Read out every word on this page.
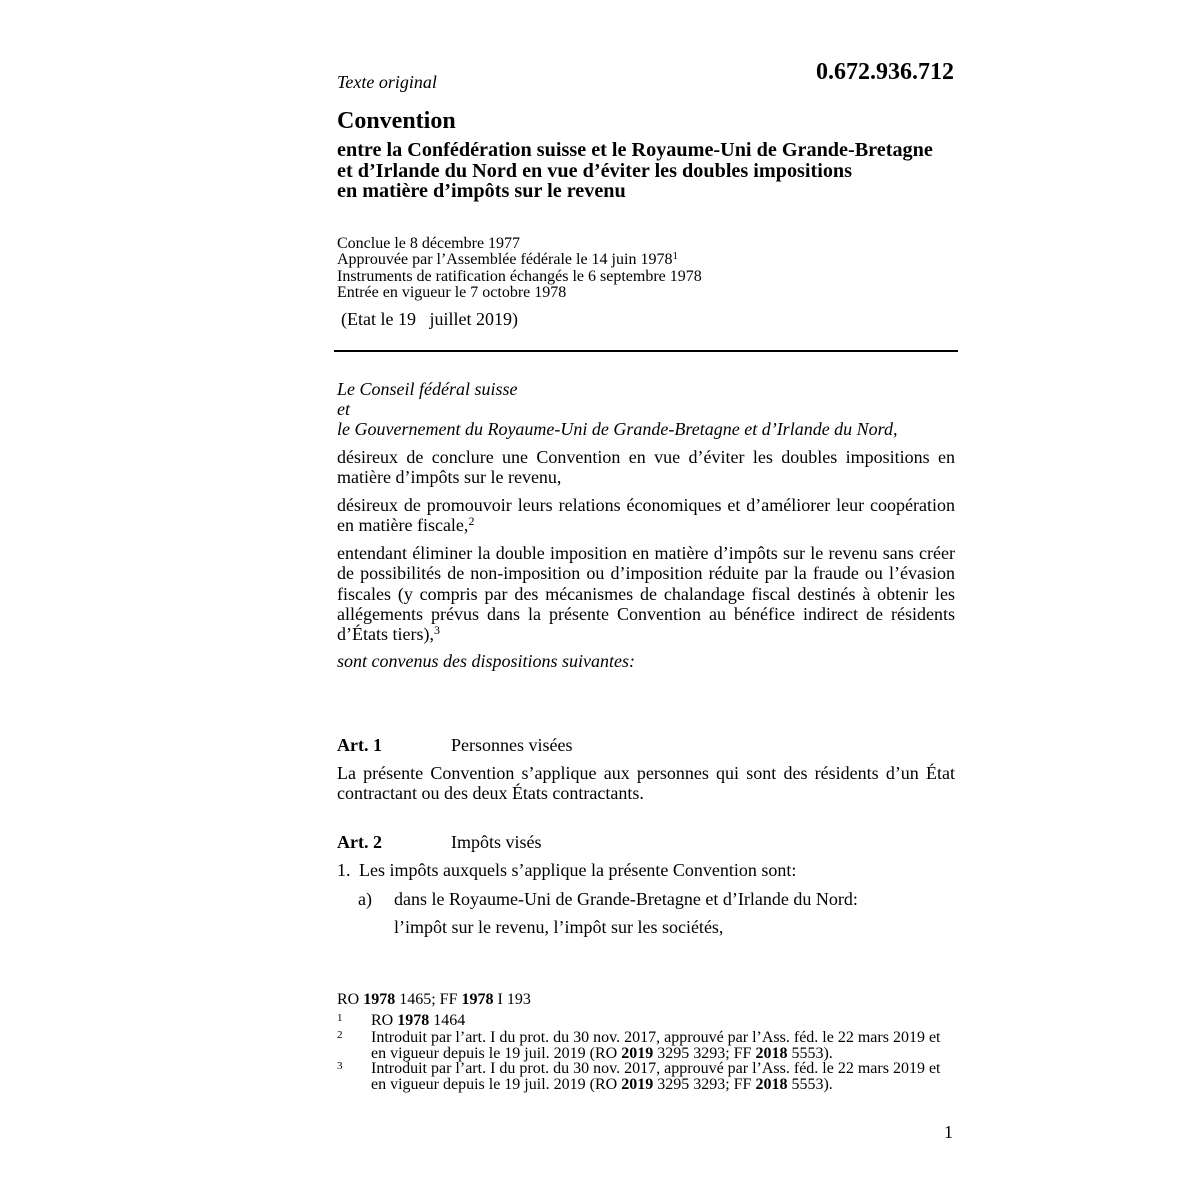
Texte original	0.672.936.712
Convention
entre la Confédération suisse et le Royaume-Uni de Grande-Bretagne
et d’Irlande du Nord en vue d’éviter les doubles impositions
en matière d’impôts sur le revenu
Conclue le 8 décembre 1977
Approuvée par l’Assemblée fédérale le 14 juin 1978$^1$
Instruments de ratification échangés le 6 septembre 1978
Entrée en vigueur le 7 octobre 1978
(Etat le 19   juillet 2019)
Le Conseil fédéral suisse
et
le Gouvernement du Royaume-Uni de Grande-Bretagne et d’Irlande du Nord,
désireux de conclure une Convention en vue d’éviter les doubles impositions en
matière d’impôts sur le revenu,
désireux de promouvoir leurs relations économiques et d’améliorer leur coopération
en matière fiscale,$^2$
entendant éliminer la double imposition en matière d’impôts sur le revenu sans créer
de possibilités de non-imposition ou d’imposition réduite par la fraude ou l’évasion
fiscales (y compris par des mécanismes de chalandage fiscal destinés à obtenir les
allégements prévus dans la présente Convention au bénéfice indirect de résidents
d’États tiers),$^3$
sont convenus des dispositions suivantes:
Art. 1	Personnes visées
La présente Convention s’applique aux personnes qui sont des résidents d’un État
contractant ou des deux États contractants.
Art. 2	Impôts visés
1. Les impôts auxquels s’applique la présente Convention sont:
a) dans le Royaume-Uni de Grande-Bretagne et d’Irlande du Nord:
l’impôt sur le revenu, l’impôt sur les sociétés,
RO 1978 1465; FF 1978 I 193
1 RO 1978 1464
2 Introduit par l’art. I du prot. du 30 nov. 2017, approuvé par l’Ass. féd. le 22 mars 2019 et
en vigueur depuis le 19 juil. 2019 (RO 2019 3295 3293; FF 2018 5553).
3 Introduit par l’art. I du prot. du 30 nov. 2017, approuvé par l’Ass. féd. le 22 mars 2019 et
en vigueur depuis le 19 juil. 2019 (RO 2019 3295 3293; FF 2018 5553).
1
